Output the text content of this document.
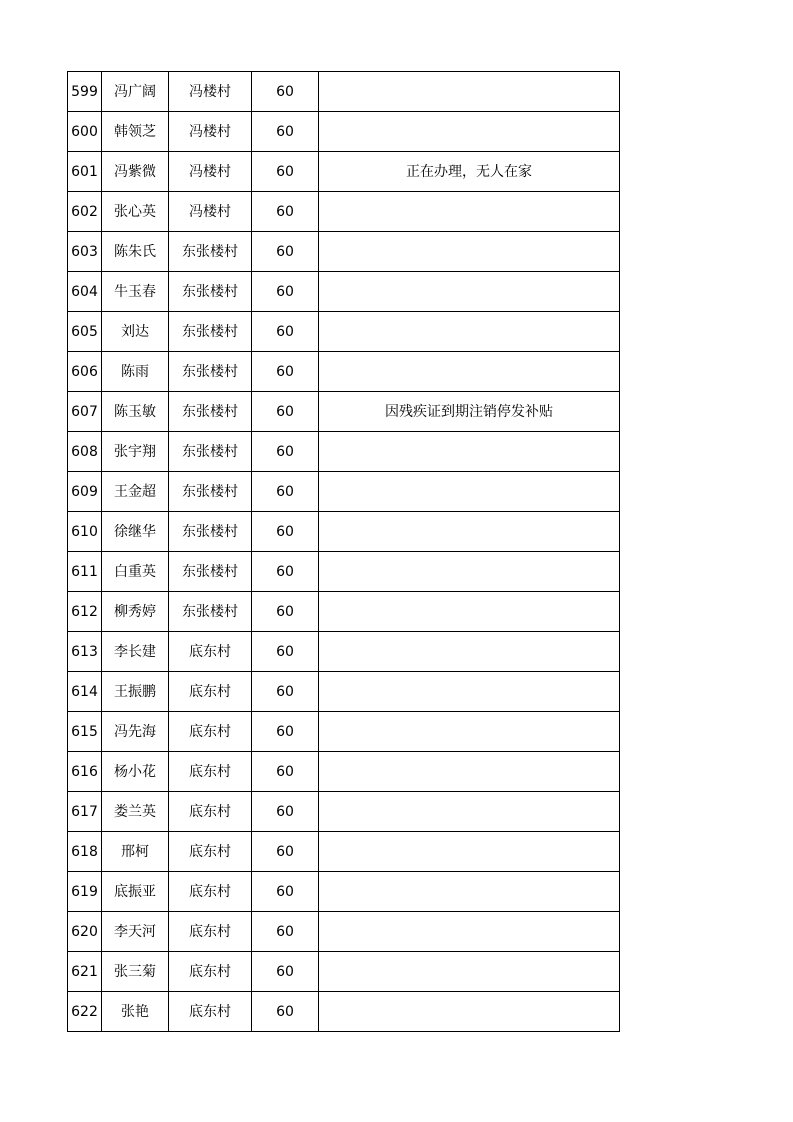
599	冯广阔	冯楼村	60	
600	韩领芝	冯楼村	60	
601	冯紫微	冯楼村	60	正在办理，无人在家
602	张心英	冯楼村	60	
603	陈朱氏	东张楼村	60	
604	牛玉春	东张楼村	60	
605	刘达	东张楼村	60	
606	陈雨	东张楼村	60	
607	陈玉敏	东张楼村	60	因残疾证到期注销停发补贴
608	张宇翔	东张楼村	60	
609	王金超	东张楼村	60	
610	徐继华	东张楼村	60	
611	白重英	东张楼村	60	
612	柳秀婷	东张楼村	60	
613	李长建	底东村	60	
614	王振鹏	底东村	60	
615	冯先海	底东村	60	
616	杨小花	底东村	60	
617	娄兰英	底东村	60	
618	邢柯	底东村	60	
619	底振亚	底东村	60	
620	李天河	底东村	60	
621	张三菊	底东村	60	
622	张艳	底东村	60	
